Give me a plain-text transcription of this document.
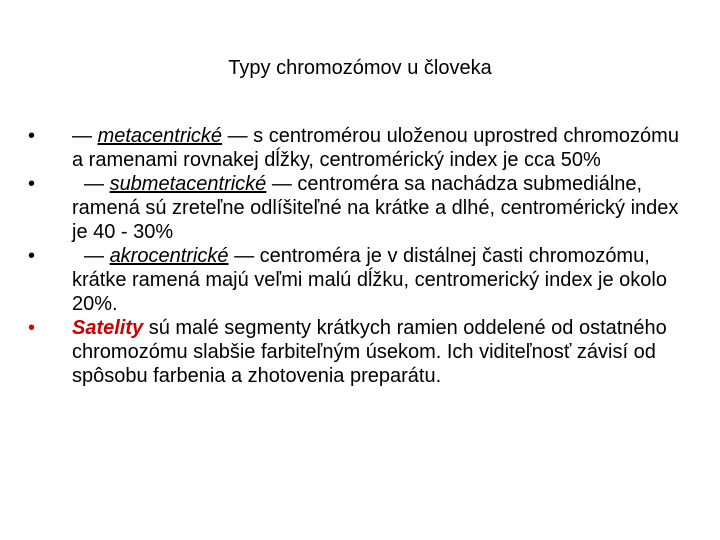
Typy chromozómov u človeka
•	— metacentrické — s centromérou uloženou uprostred chromozómu a ramenami rovnakej dĺžky, centromérický index je cca 50%
•	— submetacentrické — centroméra sa nachádza submediálne, ramená sú zreteľne odlíšiteľné na krátke a dlhé, centromérický index je 40 - 30%
•	— akrocentrické — centroméra je v distálnej časti chromozómu, krátke ramená majú veľmi malú dĺžku, centromerický index je okolo 20%.
•	Satelity sú malé segmenty krátkych ramien oddelené od ostatného chromozómu slabšie farbiteľným úsekom. Ich viditeľnosť závisí od spôsobu farbenia a zhotovenia preparátu.
